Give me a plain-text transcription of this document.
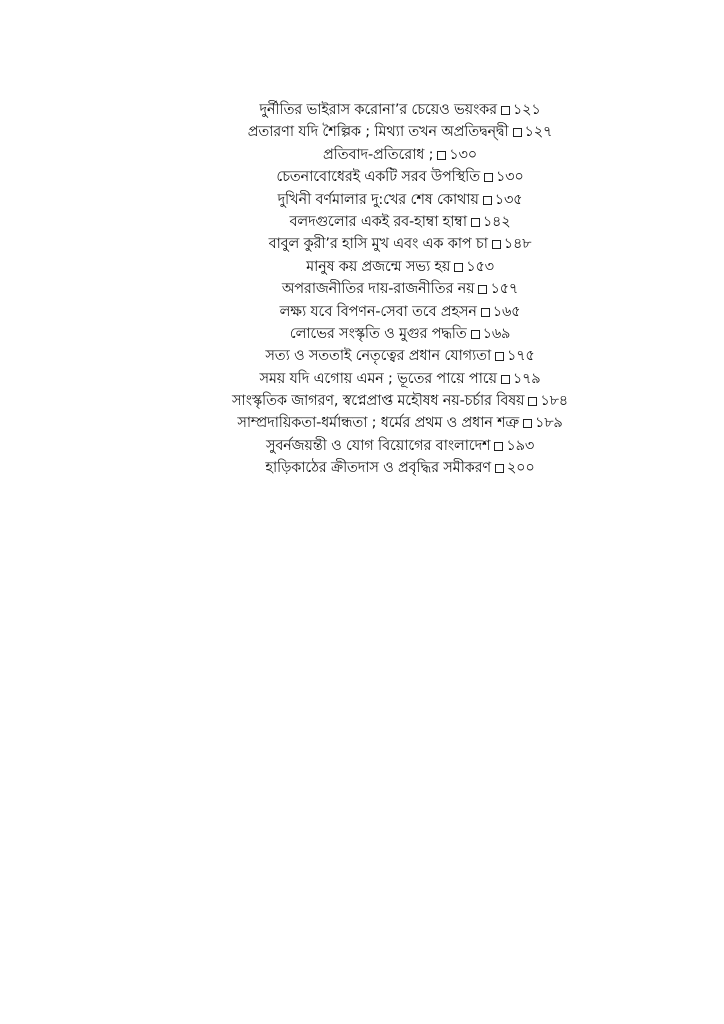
দুর্নীতির ভাইরাস করোনা’র চেয়েও ভয়ংকর ১২১
প্রতারণা যদি শৈল্পিক ; মিথ্যা তখন অপ্রতিদ্বন্দ্বী ১২৭
প্রতিবাদ-প্রতিরোধ ; ১৩০
চেতনাবোধেরই একটি সরব উপস্থিতি ১৩০
দুখিনী বর্ণমালার দু:খের শেষ কোথায় ১৩৫
বলদগুলোর একই রব-হাম্বা হাম্বা ১৪২
বাবুল কুরী’র হাসি মুখ এবং এক কাপ চা ১৪৮
মানুষ কয় প্রজন্মে সভ্য হয় ১৫৩
অপরাজনীতির দায়-রাজনীতির নয় ১৫৭
লক্ষ্য যবে বিপণন-সেবা তবে প্রহসন ১৬৫
লোভের সংস্কৃতি ও মুগুর পদ্ধতি ১৬৯
সত্য ও সততাই নেতৃত্বের প্রধান যোগ্যতা ১৭৫
সময় যদি এগোয় এমন ; ভূতের পায়ে পায়ে ১৭৯
সাংস্কৃতিক জাগরণ, স্বপ্নেপ্রাপ্ত মহৌষধ নয়-চর্চার বিষয় ১৮৪
সাম্প্রদায়িকতা-ধর্মান্ধতা ; ধর্মের প্রথম ও প্রধান শত্রু ১৮৯
সুবর্নজয়ন্তী ও যোগ বিয়োগের বাংলাদেশ ১৯৩
হাড়িকাঠের ক্রীতদাস ও প্রবৃদ্ধির সমীকরণ ২০০
